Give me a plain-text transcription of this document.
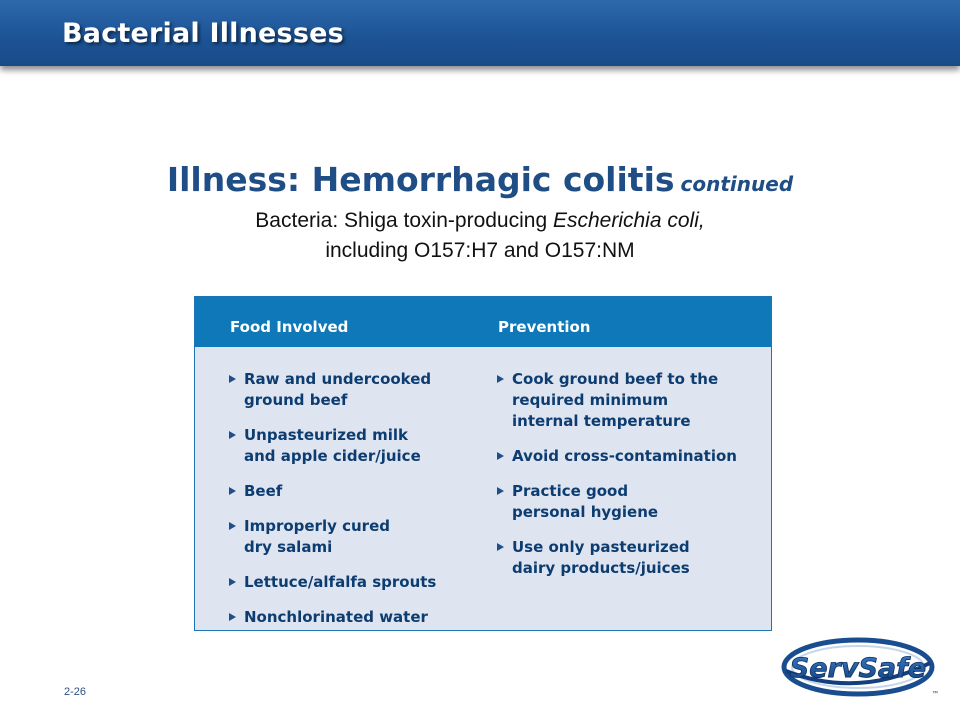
Bacterial Illnesses
Illness: Hemorrhagic colitis continued
Bacteria: Shiga toxin-producing Escherichia coli,
including O157:H7 and O157:NM
Food Involved	Prevention
Raw and undercooked
ground beef
Unpasteurized milk
and apple cider/juice
Beef
Improperly cured
dry salami
Lettuce/alfalfa sprouts
Nonchlorinated water
Cook ground beef to the
required minimum
internal temperature
Avoid cross-contamination
Practice good
personal hygiene
Use only pasteurized
dairy products/juices
2-26
ServSafe
™
